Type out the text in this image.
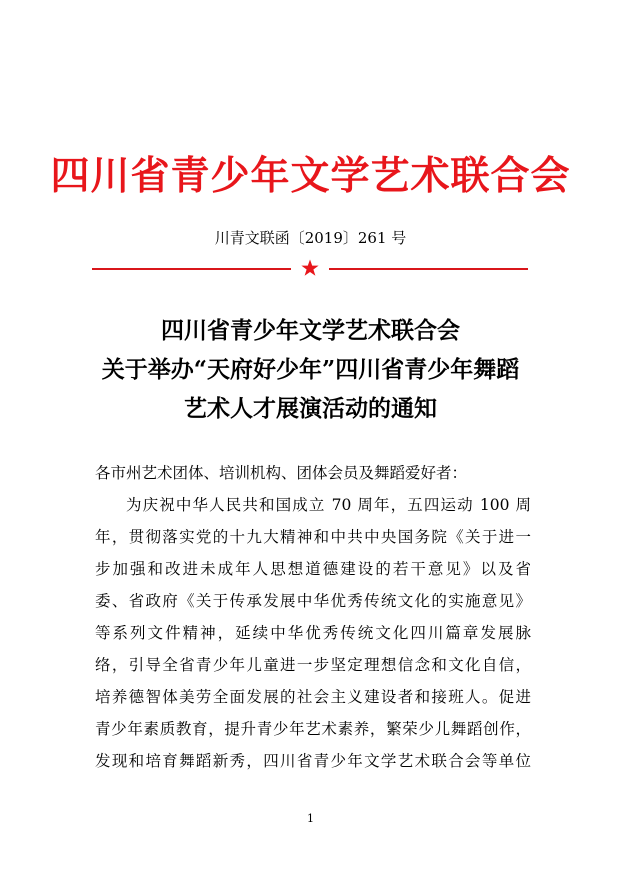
四川省青少年文学艺术联合会
川青文联函〔2019〕261 号
四川省青少年文学艺术联合会
关于举办“天府好少年”四川省青少年舞蹈
艺术人才展演活动的通知
各市州艺术团体、培训机构、团体会员及舞蹈爱好者：
为庆祝中华人民共和国成立 70 周年，五四运动 100 周
年，贯彻落实党的十九大精神和中共中央国务院《关于进一
步加强和改进未成年人思想道德建设的若干意见》以及省
委、省政府《关于传承发展中华优秀传统文化的实施意见》
等系列文件精神，延续中华优秀传统文化四川篇章发展脉
络，引导全省青少年儿童进一步坚定理想信念和文化自信，
培养德智体美劳全面发展的社会主义建设者和接班人。促进
青少年素质教育，提升青少年艺术素养，繁荣少儿舞蹈创作，
发现和培育舞蹈新秀，四川省青少年文学艺术联合会等单位
1
